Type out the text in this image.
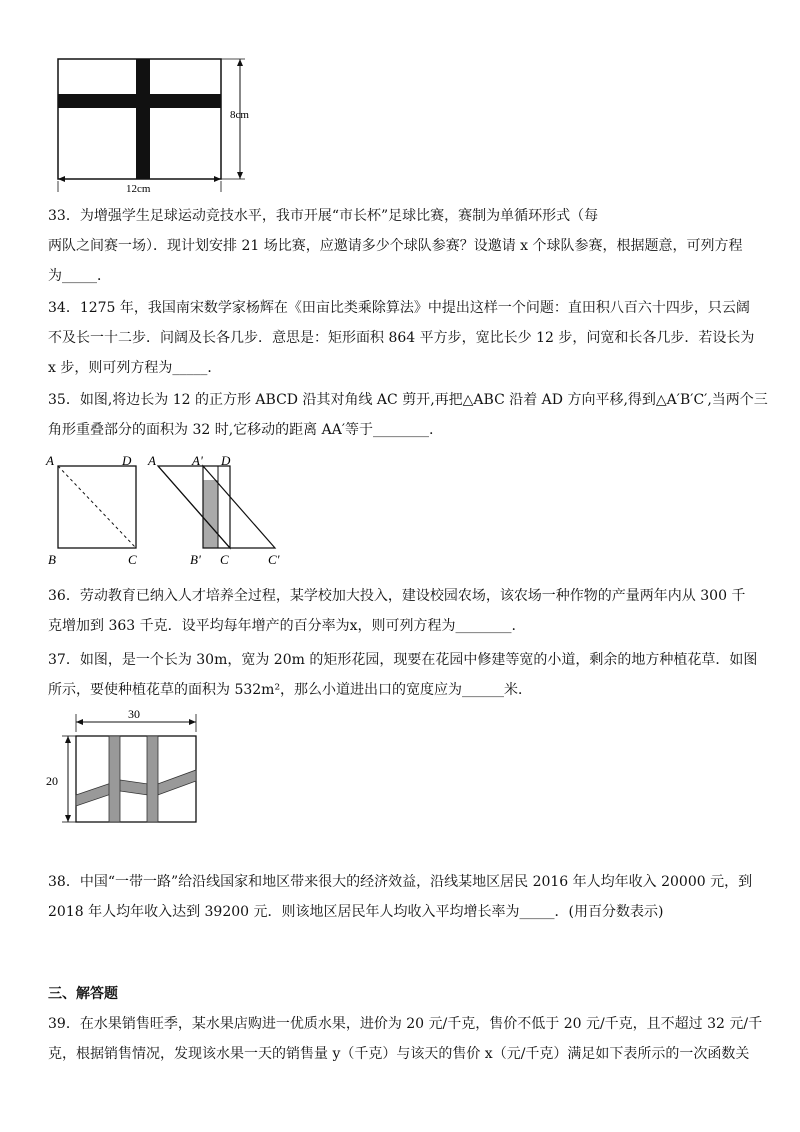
8cm
12cm
33．为增强学生足球运动竞技水平，我市开展“市长杯”足球比赛，赛制为单循环形式（每
两队之间赛一场）．现计划安排 21 场比赛，应邀请多少个球队参赛？设邀请 x 个球队参赛，根据题意，可列方程
为_____．
34．1275 年，我国南宋数学家杨辉在《田亩比类乘除算法》中提出这样一个问题：直田积八百六十四步，只云阔
不及长一十二步．问阔及长各几步．意思是：矩形面积 864 平方步，宽比长少 12 步，问宽和长各几步．若设长为
x 步，则可列方程为_____．
35．如图,将边长为 12 的正方形 ABCD 沿其对角线 AC 剪开,再把△ABC 沿着 AD 方向平移,得到△A′B′C′,当两个三
角形重叠部分的面积为 32 时,它移动的距离 AA′等于________.
A	D
B	C
A	A' D
B' C	C'
36．劳动教育已纳入人才培养全过程，某学校加大投入，建设校园农场，该农场一种作物的产量两年内从 300 千
克增加到 363 千克．设平均每年增产的百分率为x，则可列方程为________.
37．如图，是一个长为 30m，宽为 20m 的矩形花园，现要在花园中修建等宽的小道，剩余的地方种植花草．如图
所示，要使种植花草的面积为 532m²，那么小道进出口的宽度应为______米．
30
20
38．中国“一带一路”给沿线国家和地区带来很大的经济效益，沿线某地区居民 2016 年人均年收入 20000 元，到
2018 年人均年收入达到 39200 元．则该地区居民年人均收入平均增长率为_____．(用百分数表示)
三、解答题
39．在水果销售旺季，某水果店购进一优质水果，进价为 20 元/千克，售价不低于 20 元/千克，且不超过 32 元/千
克，根据销售情况，发现该水果一天的销售量 y（千克）与该天的售价 x（元/千克）满足如下表所示的一次函数关
